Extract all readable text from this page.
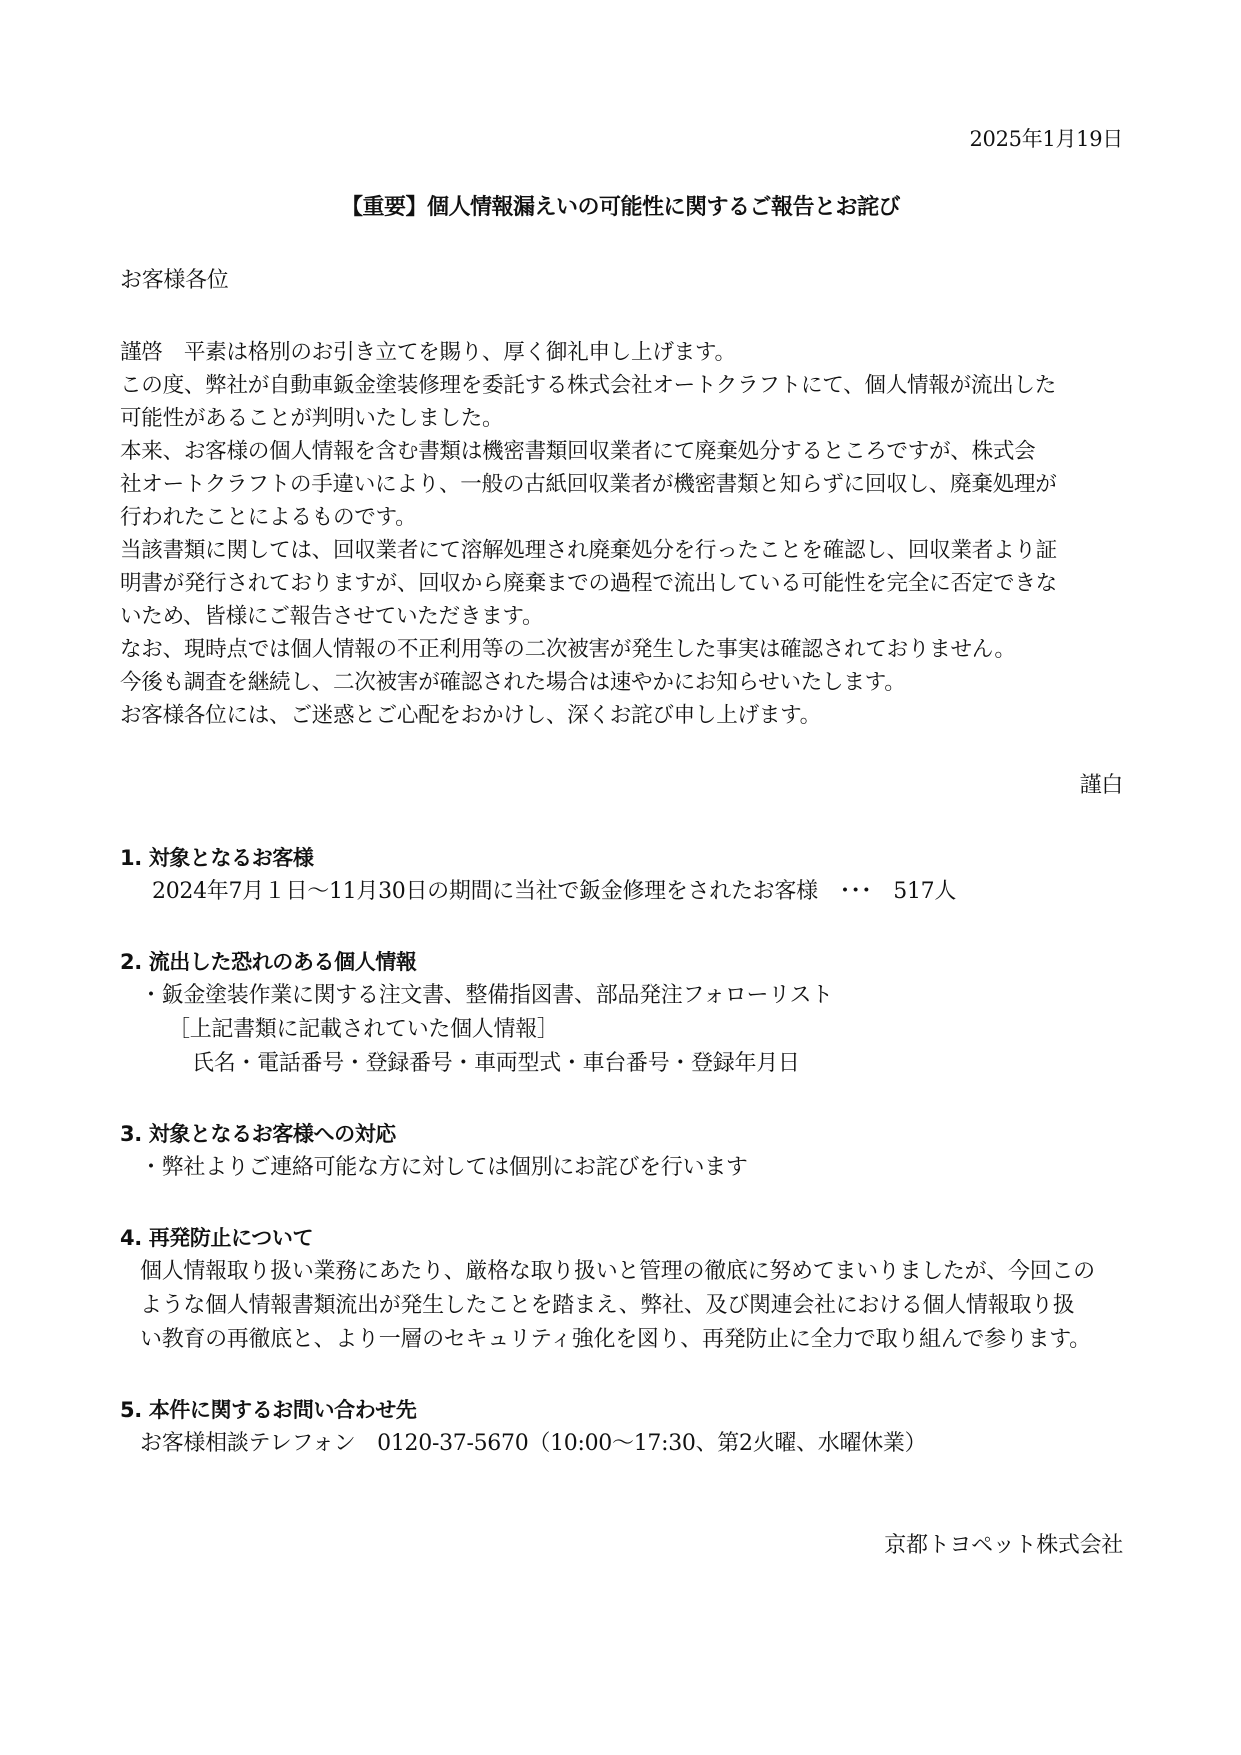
2025年1月19日
【重要】個人情報漏えいの可能性に関するご報告とお詫び
お客様各位
謹啓　平素は格別のお引き立てを賜り、厚く御礼申し上げます。
この度、弊社が自動車鈑金塗装修理を委託する株式会社オートクラフトにて、個人情報が流出した
可能性があることが判明いたしました。
本来、お客様の個人情報を含む書類は機密書類回収業者にて廃棄処分するところですが、株式会
社オートクラフトの手違いにより、一般の古紙回収業者が機密書類と知らずに回収し、廃棄処理が
行われたことによるものです。
当該書類に関しては、回収業者にて溶解処理され廃棄処分を行ったことを確認し、回収業者より証
明書が発行されておりますが、回収から廃棄までの過程で流出している可能性を完全に否定できな
いため、皆様にご報告させていただきます。
なお、現時点では個人情報の不正利用等の二次被害が発生した事実は確認されておりません。
今後も調査を継続し、二次被害が確認された場合は速やかにお知らせいたします。
お客様各位には、ご迷惑とご心配をおかけし、深くお詫び申し上げます。
謹白
1. 対象となるお客様
2024年7月１日～11月30日の期間に当社で鈑金修理をされたお客様　･･･　517人
2. 流出した恐れのある個人情報
・鈑金塗装作業に関する注文書、整備指図書、部品発注フォローリスト
［上記書類に記載されていた個人情報］
氏名・電話番号・登録番号・車両型式・車台番号・登録年月日
3. 対象となるお客様への対応
・弊社よりご連絡可能な方に対しては個別にお詫びを行います
4. 再発防止について
個人情報取り扱い業務にあたり、厳格な取り扱いと管理の徹底に努めてまいりましたが、今回この
ような個人情報書類流出が発生したことを踏まえ、弊社、及び関連会社における個人情報取り扱
い教育の再徹底と、より一層のセキュリティ強化を図り、再発防止に全力で取り組んで参ります。
5. 本件に関するお問い合わせ先
お客様相談テレフォン　0120-37-5670（10:00～17:30、第2火曜、水曜休業）
京都トヨペット株式会社
